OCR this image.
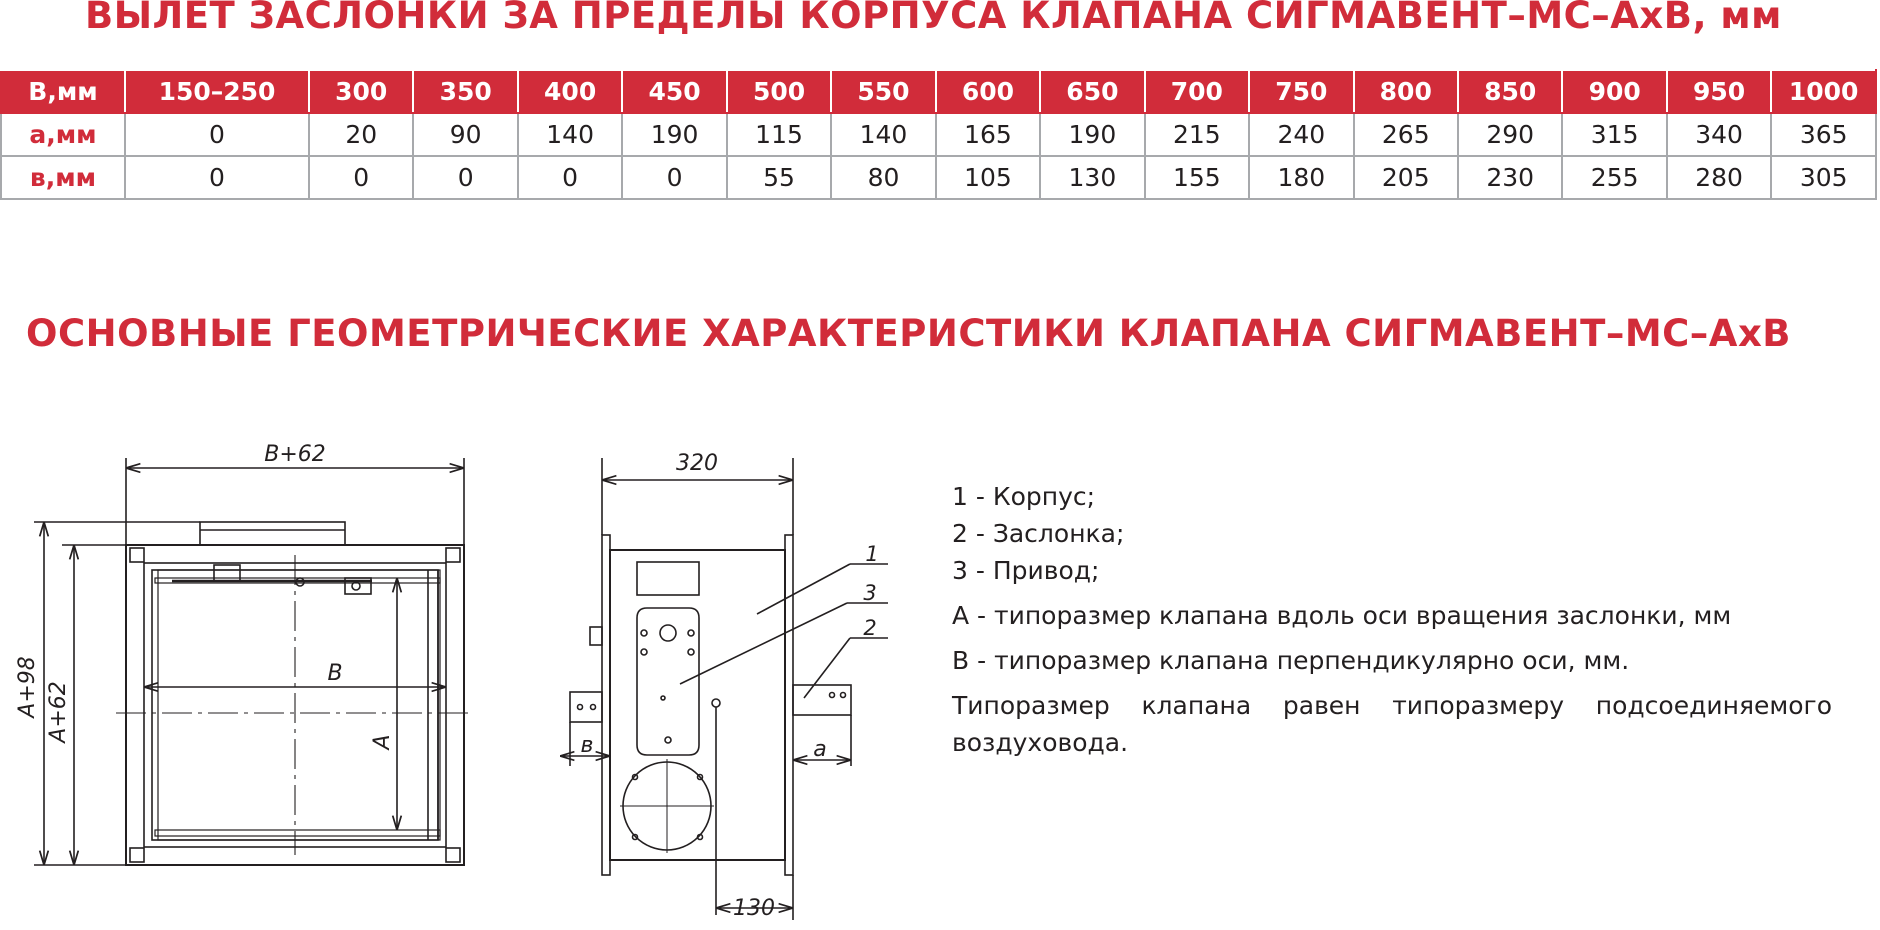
ВЫЛЕТ ЗАСЛОНКИ ЗА ПРЕДЕЛЫ КОРПУСА КЛАПАНА СИГМАВЕНТ–МС–АхВ, мм
B,мм	150–250	300	350	400	450	500	550	600	650	700	750	800	850	900	950	1000
a,мм	0	20	90	140	190	115	140	165	190	215	240	265	290	315	340	365
в,мм	0	0	0	0	0	55	80	105	130	155	180	205	230	255	280	305
ОСНОВНЫЕ ГЕОМЕТРИЧЕСКИЕ ХАРАКТЕРИСТИКИ КЛАПАНА СИГМАВЕНТ–МС–АхВ
B+62
B
A+98 A+62	A
320
130
a
в
1
3
2
1 - Корпус;
2 - Заслонка;
3 - Привод;
А - типоразмер клапана вдоль оси вращения заслонки, мм
В - типоразмер клапана перпендикулярно оси, мм.
Типоразмер клапана равен типоразмеру подсоединяемого воздуховода.
